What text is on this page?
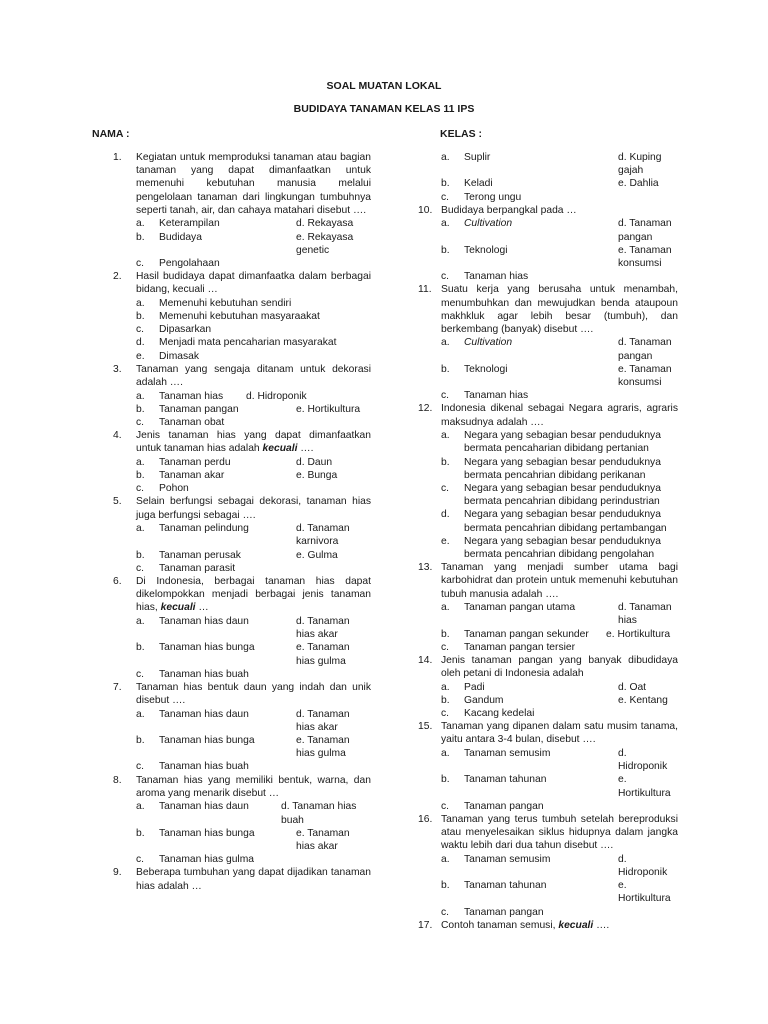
SOAL MUATAN LOKAL
BUDIDAYA TANAMAN KELAS 11 IPS
NAMA :	KELAS :
1.	Kegiatan untuk memproduksi tanaman atau bagian tanaman yang dapat dimanfaatkan untuk memenuhi kebutuhan manusia melalui pengelolaan tanaman dari lingkungan tumbuhnya seperti tanah, air, dan cahaya matahari disebut ….
a.	Keterampilan	d. Rekayasa
b.	Budidaya	e. Rekayasa genetic
c.	Pengolahaan
2.	Hasil budidaya dapat dimanfaatka dalam berbagai bidang, kecuali …
a.	Memenuhi kebutuhan sendiri
b.	Memenuhi kebutuhan masyaraakat
c.	Dipasarkan
d.	Menjadi mata pencaharian masyarakat
e.	Dimasak
3.	Tanaman yang sengaja ditanam untuk dekorasi adalah ….
a.	Tanaman hias	d. Hidroponik
b.	Tanaman pangan	e. Hortikultura
c.	Tanaman obat
4.	Jenis tanaman hias yang dapat dimanfaatkan untuk tanaman hias adalah kecuali ….
a.	Tanaman perdu	d. Daun
b.	Tanaman akar	e. Bunga
c.	Pohon
5.	Selain berfungsi sebagai dekorasi, tanaman hias juga berfungsi sebagai ….
a.	Tanaman pelindung	d. Tanaman karnivora
b.	Tanaman perusak	e. Gulma
c.	Tanaman parasit
6.	Di Indonesia, berbagai tanaman hias dapat dikelompokkan menjadi berbagai jenis tanaman hias, kecuali …
a.	Tanaman hias daun	d. Tanaman hias akar
b.	Tanaman hias bunga	e. Tanaman hias gulma
c.	Tanaman hias buah
7.	Tanaman hias bentuk daun yang indah dan unik disebut ….
a.	Tanaman hias daun	d. Tanaman hias akar
b.	Tanaman hias bunga	e. Tanaman hias gulma
c.	Tanaman hias buah
8.	Tanaman hias yang memiliki bentuk, warna, dan aroma yang menarik disebut …
a.	Tanaman hias daun	d. Tanaman hias buah
b.	Tanaman hias bunga	e. Tanaman hias akar
c.	Tanaman hias gulma
9.	Beberapa tumbuhan yang dapat dijadikan tanaman hias adalah …
a.	Suplir	d. Kuping gajah
b.	Keladi	e. Dahlia
c.	Terong ungu
10. Budidaya berpangkal pada …
a.	Cultivation	d. Tanaman pangan
b.	Teknologi	e. Tanaman konsumsi
c.	Tanaman hias
11. Suatu kerja yang berusaha untuk menambah, menumbuhkan dan mewujudkan benda ataupoun makhkluk agar lebih besar (tumbuh), dan berkembang (banyak) disebut ….
a.	Cultivation	d. Tanaman pangan
b.	Teknologi	e. Tanaman konsumsi
c.	Tanaman hias
12. Indonesia dikenal sebagai Negara agraris, agraris maksudnya adalah ….
a.	Negara yang sebagian besar penduduknya bermata pencaharian dibidang pertanian
b.	Negara yang sebagian besar penduduknya bermata pencahrian dibidang perikanan
c.	Negara yang sebagian besar penduduknya bermata pencahrian dibidang perindustrian
d.	Negara yang sebagian besar penduduknya bermata pencahrian dibidang pertambangan
e.	Negara yang sebagian besar penduduknya bermata pencahrian dibidang pengolahan
13. Tanaman yang menjadi sumber utama bagi karbohidrat dan protein untuk memenuhi kebutuhan tubuh manusia adalah ….
a.	Tanaman pangan utama	d. Tanaman hias
b.	Tanaman pangan sekunder	e. Hortikultura
c.	Tanaman pangan tersier
14. Jenis tanaman pangan yang banyak dibudidaya oleh petani di Indonesia adalah
a.	Padi	d. Oat
b.	Gandum	e. Kentang
c.	Kacang kedelai
15. Tanaman yang dipanen dalam satu musim tanama, yaitu antara 3-4 bulan, disebut ….
a.	Tanaman semusim	d. Hidroponik
b.	Tanaman tahunan	e. Hortikultura
c.	Tanaman pangan
16. Tanaman yang terus tumbuh setelah bereproduksi atau menyelesaikan siklus hidupnya dalam jangka waktu lebih dari dua tahun disebut ….
a.	Tanaman semusim	d. Hidroponik
b.	Tanaman tahunan	e. Hortikultura
c.	Tanaman pangan
17. Contoh tanaman semusi, kecuali ….
